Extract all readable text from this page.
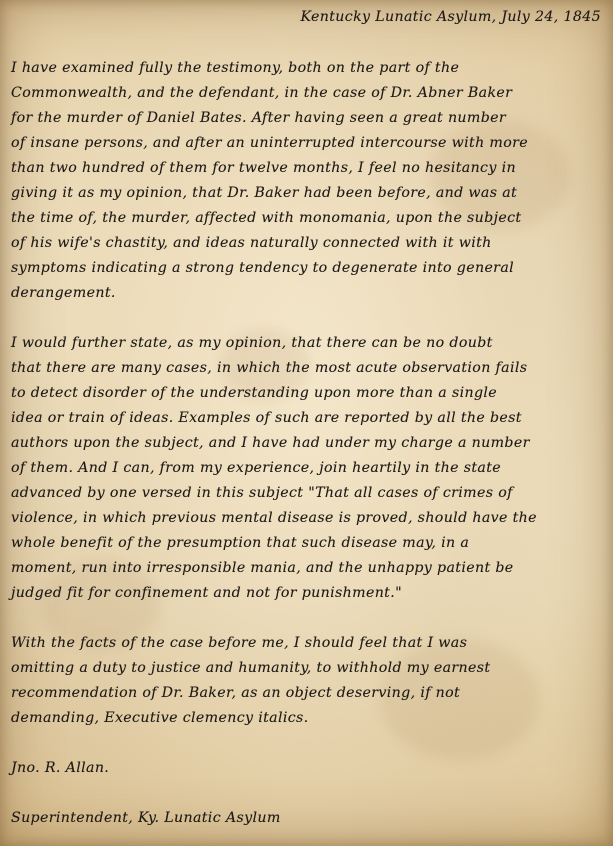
Kentucky Lunatic Asylum, July 24, 1845
I have examined fully the testimony, both on the part of the
Commonwealth, and the defendant, in the case of Dr. Abner Baker
for the murder of Daniel Bates. After having seen a great number
of insane persons, and after an uninterrupted intercourse with more
than two hundred of them for twelve months, I feel no hesitancy in
giving it as my opinion, that Dr. Baker had been before, and was at
the time of, the murder, affected with monomania, upon the subject
of his wife's chastity, and ideas naturally connected with it with
symptoms indicating a strong tendency to degenerate into general
derangement.
I would further state, as my opinion, that there can be no doubt
that there are many cases, in which the most acute observation fails
to detect disorder of the understanding upon more than a single
idea or train of ideas. Examples of such are reported by all the best
authors upon the subject, and I have had under my charge a number
of them. And I can, from my experience, join heartily in the state
advanced by one versed in this subject "That all cases of crimes of
violence, in which previous mental disease is proved, should have the
whole benefit of the presumption that such disease may, in a
moment, run into irresponsible mania, and the unhappy patient be
judged fit for confinement and not for punishment."
With the facts of the case before me, I should feel that I was
omitting a duty to justice and humanity, to withhold my earnest
recommendation of Dr. Baker, as an object deserving, if not
demanding, Executive clemency italics.
Jno. R. Allan.
Superintendent, Ky. Lunatic Asylum
